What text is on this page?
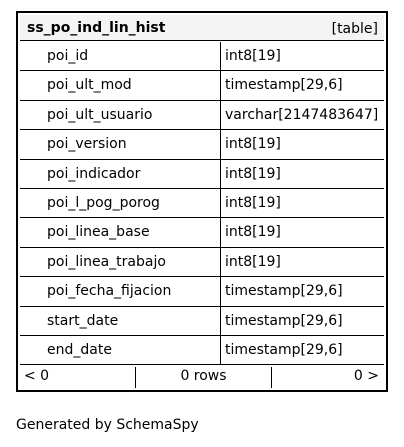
ss_po_ind_lin_hist	[table]
poi_id	int8[19]
poi_ult_mod	timestamp[29,6]
poi_ult_usuario	varchar[2147483647]
poi_version	int8[19]
poi_indicador	int8[19]
poi_l_pog_porog	int8[19]
poi_linea_base	int8[19]
poi_linea_trabajo	int8[19]
poi_fecha_fijacion	timestamp[29,6]
start_date	timestamp[29,6]
end_date	timestamp[29,6]
< 0	0 rows	0 >
Generated by SchemaSpy
